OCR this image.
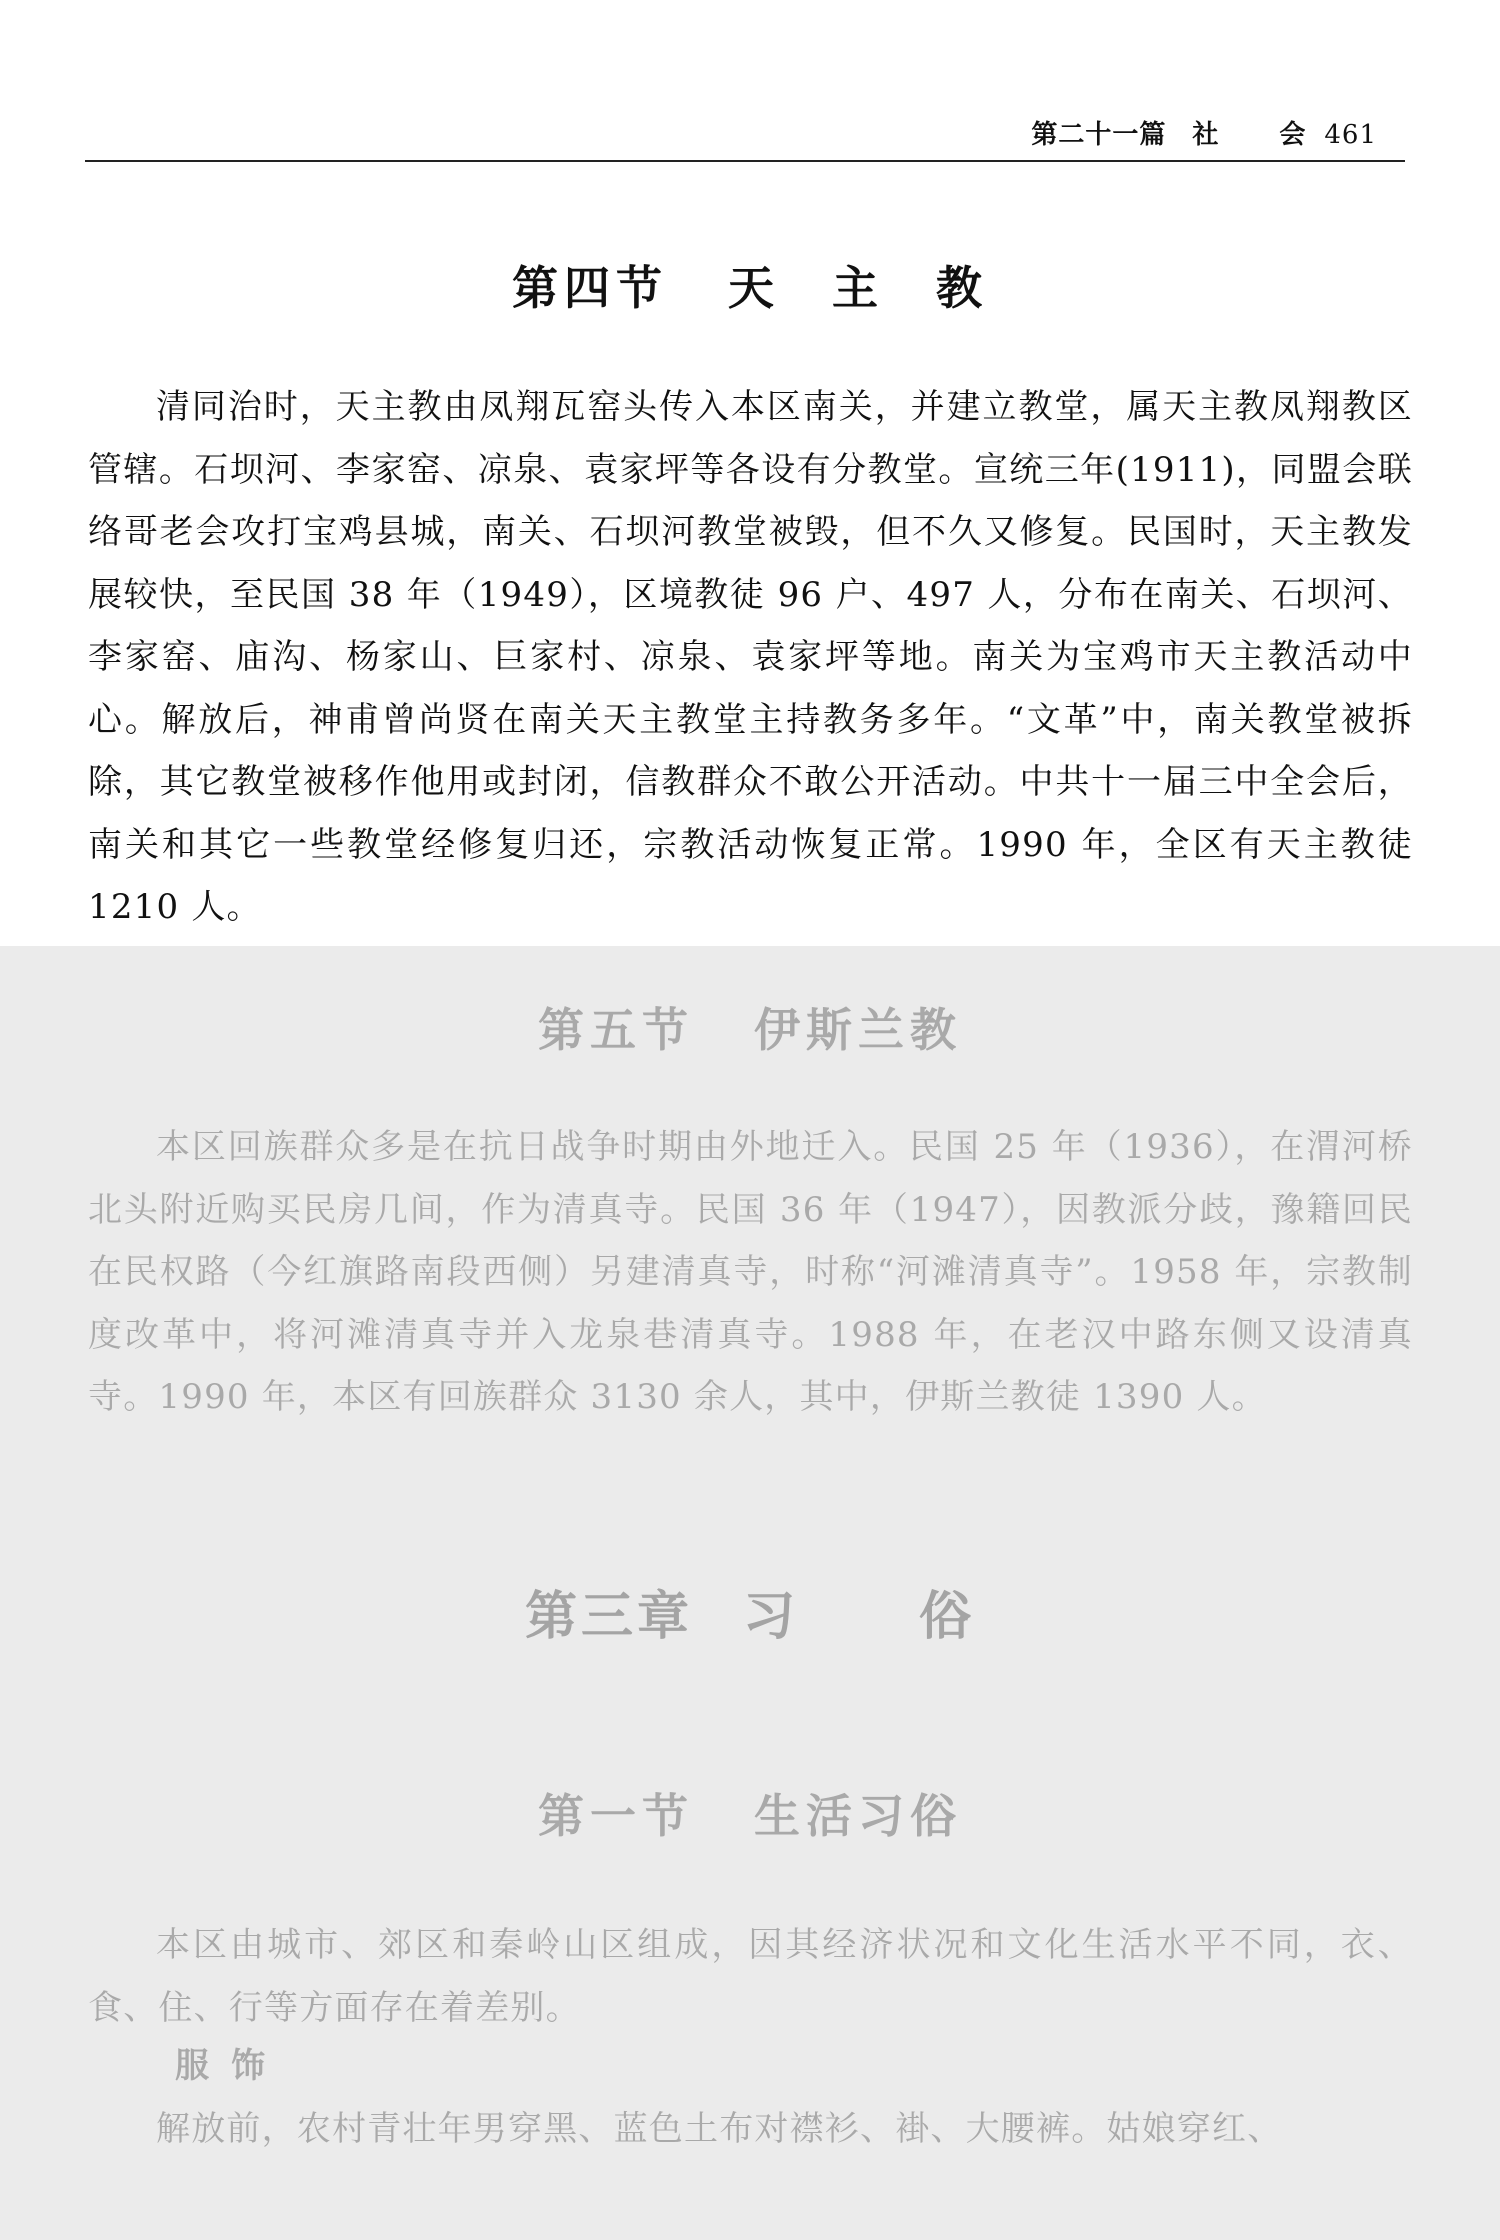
第二十一篇 社 会 461
第四节 天　主　教

清同治时，天主教由凤翔瓦窑头传入本区南关，并建立教堂，属天主教凤翔教区管辖。石坝河、李家窑、凉泉、袁家坪等各设有分教堂。宣统三年(1911)，同盟会联络哥老会攻打宝鸡县城，南关、石坝河教堂被毁，但不久又修复。民国时，天主教发展较快，至民国 38 年（1949），区境教徒 96 户、497 人，分布在南关、石坝河、李家窑、庙沟、杨家山、巨家村、凉泉、袁家坪等地。南关为宝鸡市天主教活动中心。解放后，神甫曾尚贤在南关天主教堂主持教务多年。“文革”中，南关教堂被拆除，其它教堂被移作他用或封闭，信教群众不敢公开活动。中共十一届三中全会后，南关和其它一些教堂经修复归还，宗教活动恢复正常。1990 年，全区有天主教徒 1210 人。

第五节 伊斯兰教

本区回族群众多是在抗日战争时期由外地迁入。民国 25 年（1936），在渭河桥北头附近购买民房几间，作为清真寺。民国 36 年（1947），因教派分歧，豫籍回民在民权路（今红旗路南段西侧）另建清真寺，时称“河滩清真寺”。1958 年，宗教制度改革中，将河滩清真寺并入龙泉巷清真寺。1988 年，在老汉中路东侧又设清真寺。1990 年，本区有回族群众 3130 余人，其中，伊斯兰教徒 1390 人。

第三章 习 俗
第一节 生活习俗

本区由城市、郊区和秦岭山区组成，因其经济状况和文化生活水平不同，衣、食、住、行等方面存在着差别。

服饰

解放前，农村青壮年男穿黑、蓝色土布对襟衫、褂、大腰裤。姑娘穿红、
